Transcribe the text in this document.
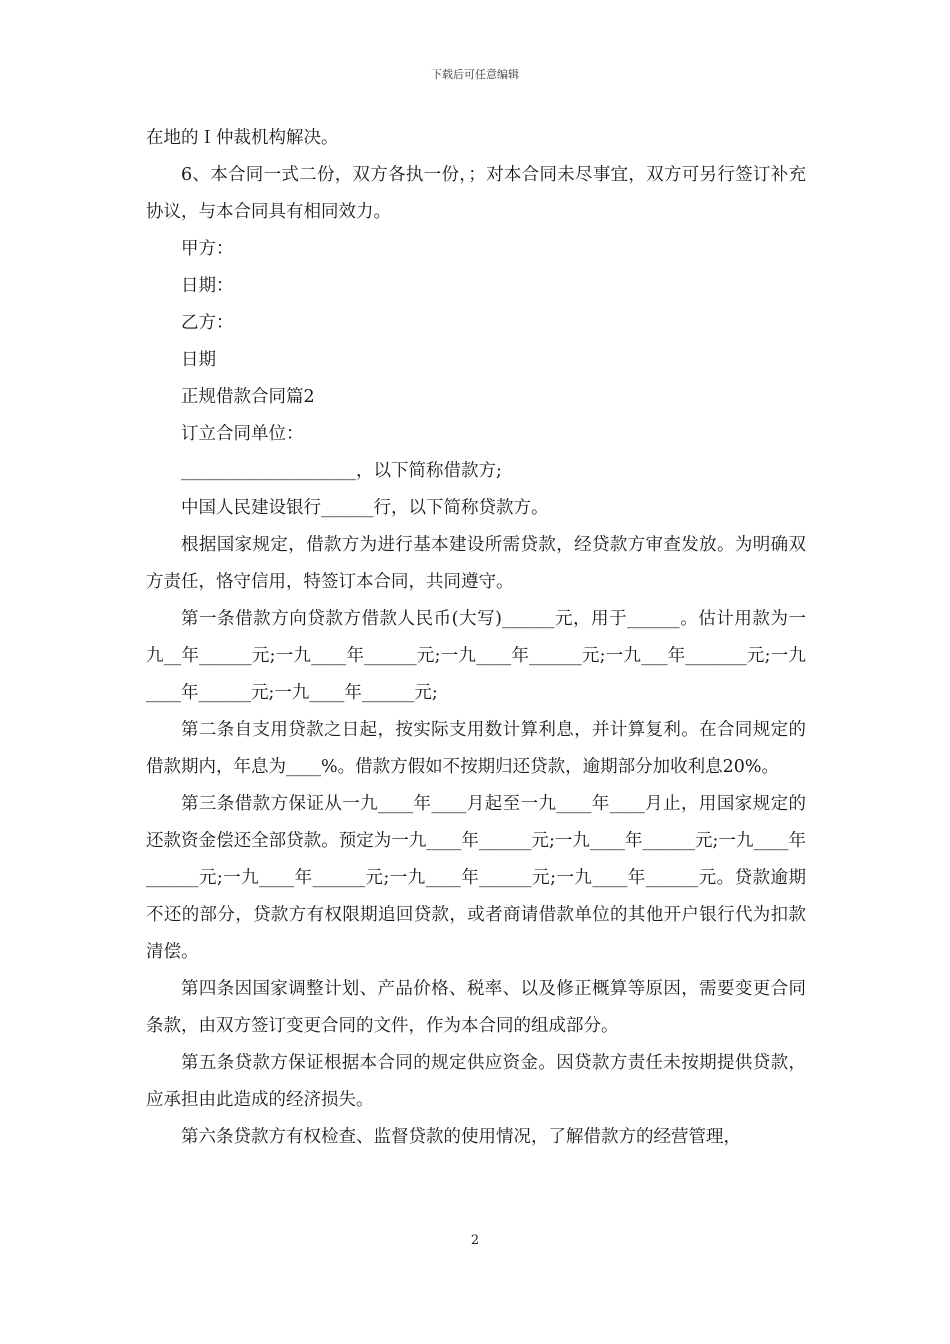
下载后可任意编辑

在地的Ｉ仲裁机构解决。

6、本合同一式二份，双方各执一份，；对本合同未尽事宜，双方可另行签订补充协议，与本合同具有相同效力。

甲方：

日期：

乙方：

日期

正规借款合同篇2

订立合同单位：

____________________，以下简称借款方;

中国人民建设银行______行，以下简称贷款方。

根据国家规定，借款方为进行基本建设所需贷款，经贷款方审查发放。为明确双方责任，恪守信用，特签订本合同，共同遵守。

第一条借款方向贷款方借款人民币(大写)______元，用于______。估计用款为一九__年______元;一九____年______元;一九____年______元;一九___年_______元;一九____年______元;一九____年______元;

第二条自支用贷款之日起，按实际支用数计算利息，并计算复利。在合同规定的借款期内，年息为____%。借款方假如不按期归还贷款，逾期部分加收利息20%。

第三条借款方保证从一九____年____月起至一九____年____月止，用国家规定的还款资金偿还全部贷款。预定为一九____年______元;一九____年______元;一九____年______元;一九____年______元;一九____年______元;一九____年______元。贷款逾期不还的部分，贷款方有权限期追回贷款，或者商请借款单位的其他开户银行代为扣款清偿。

第四条因国家调整计划、产品价格、税率、以及修正概算等原因，需要变更合同条款，由双方签订变更合同的文件，作为本合同的组成部分。

第五条贷款方保证根据本合同的规定供应资金。因贷款方责任未按期提供贷款，应承担由此造成的经济损失。

第六条贷款方有权检查、监督贷款的使用情况，了解借款方的经营管理，

2
